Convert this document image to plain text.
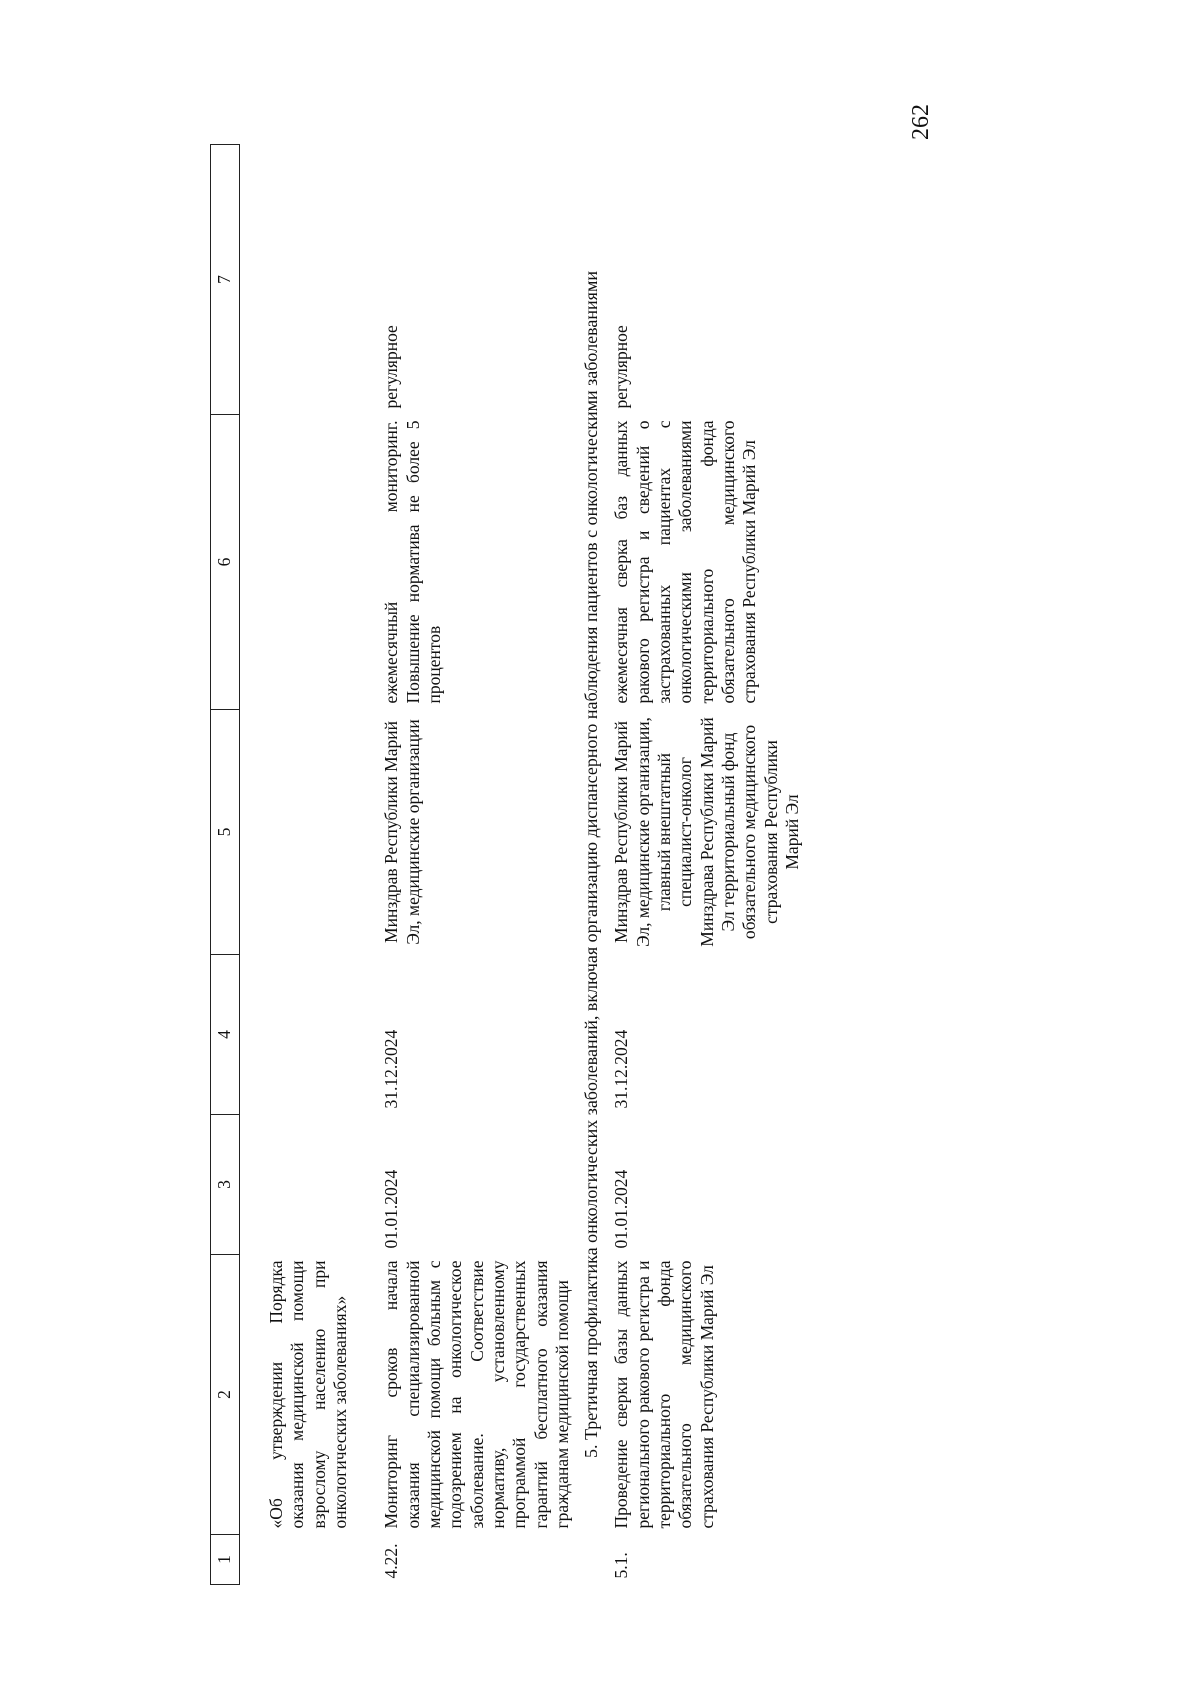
262
1	2	3	4	5	6	7

	«Об утверждении Порядка оказания медицинской помощи взрослому населению при онкологических заболеваниях»					

4.22.	Мониторинг сроков начала оказания специализированной медицинской помощи больным с подозрением на онкологическое заболевание. Соответствие нормативу, установленному программой государственных гарантий бесплатного оказания гражданам медицинской помощи	01.01.2024	31.12.2024	Минздрав Республики Марий Эл, медицинские организации	ежемесячный мониторинг. Повышение норматива не более 5 процентов	регулярное
5. Третичная профилактика онкологических заболеваний, включая организацию диспансерного наблюдения пациентов с онкологическими заболеваниями						
5.1.	Проведение сверки базы данных регионального ракового регистра и территориального фонда обязательного медицинского страхования Республики Марий Эл	01.01.2024	31.12.2024	Минздрав Республики Марий Эл, медицинские организации, главный внештатный специалист-онколог Минздрава Республики Марий Эл территориальный фонд обязательного медицинского страхования Республики Марий Эл	ежемесячная сверка баз данных ракового регистра и сведений о застрахованных пациентах с онкологическими заболеваниями территориального фонда обязательного медицинского страхования Республики Марий Эл	регулярное
